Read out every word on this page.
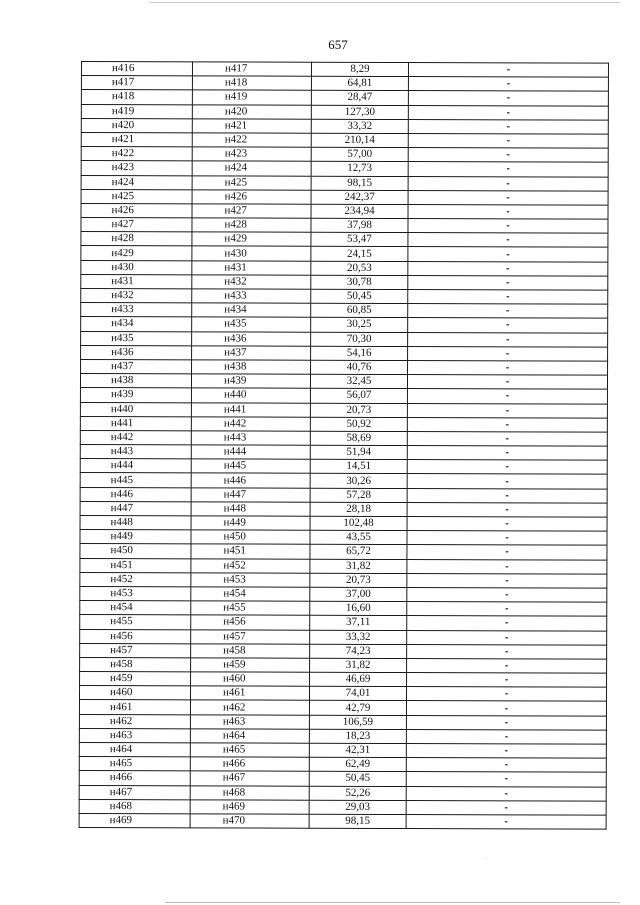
657
н416	н417	8,29	-
н417	н418	64,81	-
н418	н419	28,47	-
н419	н420	127,30	-
н420	н421	33,32	-
н421	н422	210,14	-
н422	н423	57,00	-
н423	н424	12,73	-
н424	н425	98,15	-
н425	н426	242,37	-
н426	н427	234,94	-
н427	н428	37,98	-
н428	н429	53,47	-
н429	н430	24,15	-
н430	н431	20,53	-
н431	н432	30,78	-
н432	н433	50,45	-
н433	н434	60,85	-
н434	н435	30,25	-
н435	н436	70,30	-
н436	н437	54,16	-
н437	н438	40,76	-
н438	н439	32,45	-
н439	н440	56,07	-
н440	н441	20,73	-
н441	н442	50,92	-
н442	н443	58,69	-
н443	н444	51,94	-
н444	н445	14,51	-
н445	н446	30,26	-
н446	н447	57,28	-
н447	н448	28,18	-
н448	н449	102,48	-
н449	н450	43,55	-
н450	н451	65,72	-
н451	н452	31,82	-
н452	н453	20,73	-
н453	н454	37,00	-
н454	н455	16,60	-
н455	н456	37,11	-
н456	н457	33,32	-
н457	н458	74,23	-
н458	н459	31,82	-
н459	н460	46,69	-
н460	н461	74,01	-
н461	н462	42,79	-
н462	н463	106,59	-
н463	н464	18,23	-
н464	н465	42,31	-
н465	н466	62,49	-
н466	н467	50,45	-
н467	н468	52,26	-
н468	н469	29,03	-
н469	н470	98,15	-
